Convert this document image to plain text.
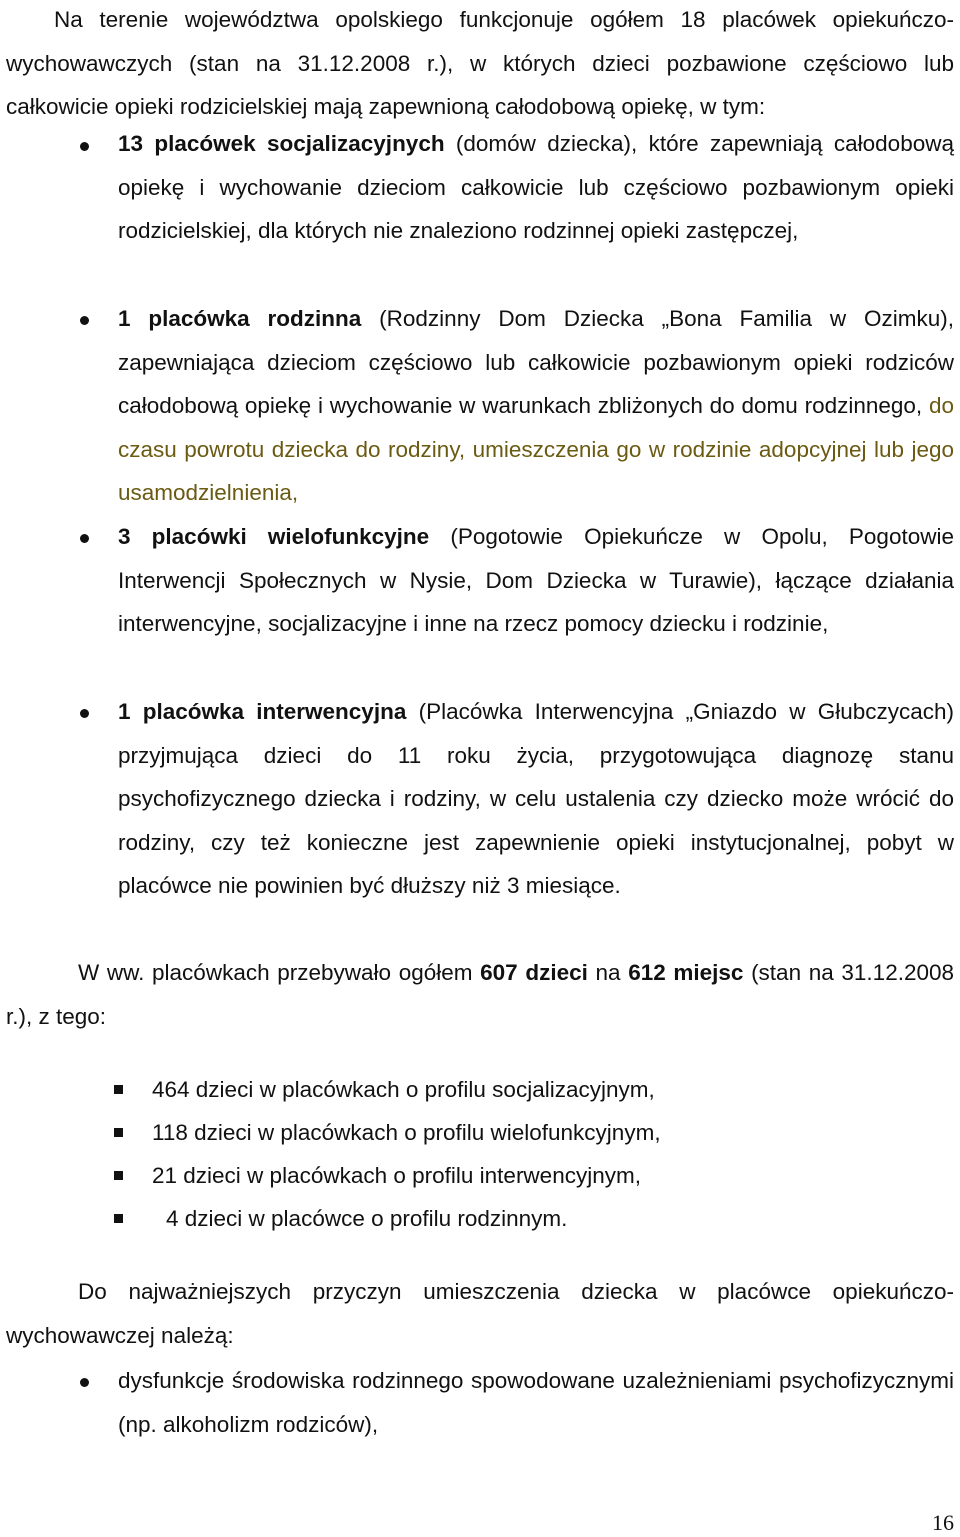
Na terenie województwa opolskiego funkcjonuje ogółem 18 placówek opiekuńczo-wychowawczych (stan na 31.12.2008 r.), w których dzieci pozbawione częściowo lub całkowicie opieki rodzicielskiej mają zapewnioną całodobową opiekę, w tym:

13 placówek socjalizacyjnych (domów dziecka), które zapewniają całodobową opiekę i wychowanie dzieciom całkowicie lub częściowo pozbawionym opieki rodzicielskiej, dla których nie znaleziono rodzinnej opieki zastępczej,

1 placówka rodzinna (Rodzinny Dom Dziecka „Bona Familia w Ozimku), zapewniająca dzieciom częściowo lub całkowicie pozbawionym opieki rodziców całodobową opiekę i wychowanie w warunkach zbliżonych do domu rodzinnego, do czasu powrotu dziecka do rodziny, umieszczenia go w rodzinie adopcyjnej lub jego usamodzielnienia,

3 placówki wielofunkcyjne (Pogotowie Opiekuńcze w Opolu, Pogotowie Interwencji Społecznych w Nysie, Dom Dziecka w Turawie), łączące działania interwencyjne, socjalizacyjne i inne na rzecz pomocy dziecku i rodzinie,

1 placówka interwencyjna (Placówka Interwencyjna „Gniazdo w Głubczycach) przyjmująca dzieci do 11 roku życia, przygotowująca diagnozę stanu psychofizycznego dziecka i rodziny, w celu ustalenia czy dziecko może wrócić do rodziny, czy też konieczne jest zapewnienie opieki instytucjonalnej, pobyt w placówce nie powinien być dłuższy niż 3 miesiące.

W ww. placówkach przebywało ogółem 607 dzieci na 612 miejsc (stan na 31.12.2008 r.), z tego:

464 dzieci w placówkach o profilu socjalizacyjnym,

118 dzieci w placówkach o profilu wielofunkcyjnym,

21 dzieci w placówkach o profilu interwencyjnym,

4 dzieci w placówce o profilu rodzinnym.

Do najważniejszych przyczyn umieszczenia dziecka w placówce opiekuńczo-wychowawczej należą:

dysfunkcje środowiska rodzinnego spowodowane uzależnieniami psychofizycznymi (np. alkoholizm rodziców),

16
